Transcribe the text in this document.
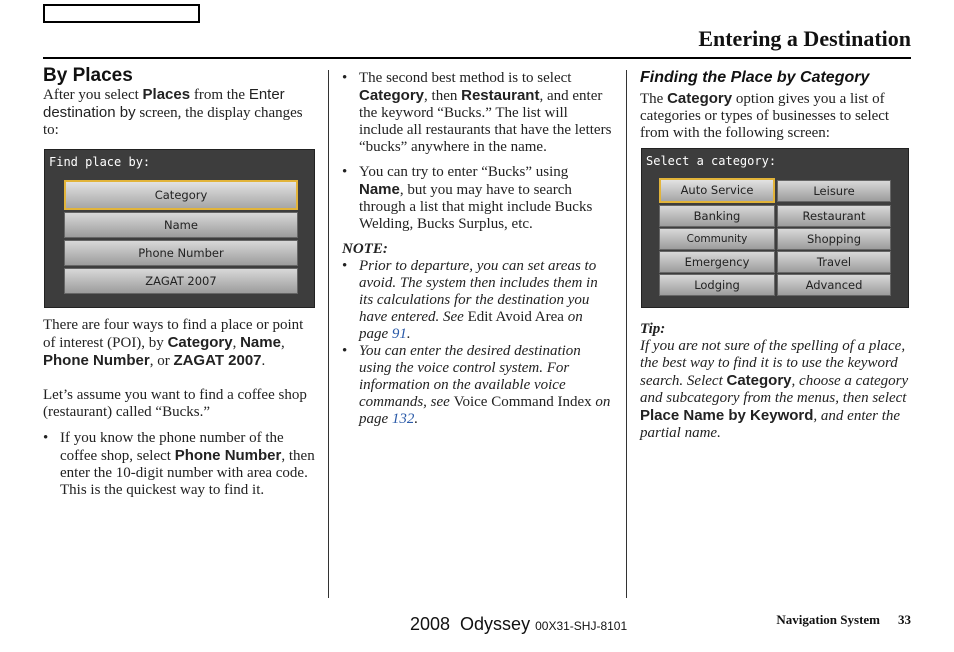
Entering a Destination
By Places

After you select Places from the Enter destination by screen, the display changes to:

Find place by:
Category
Name
Phone Number
ZAGAT 2007

There are four ways to find a place or point of interest (POI), by Category, Name, Phone Number, or ZAGAT 2007.

Let’s assume you want to find a coffee shop (restaurant) called “Bucks.”

• If you know the phone number of the coffee shop, select Phone Number, then enter the 10-digit number with area code. This is the quickest way to find it.
• The second best method is to select Category, then Restaurant, and enter the keyword “Bucks.” The list will include all restaurants that have the letters “bucks” anywhere in the name.
• You can try to enter “Bucks” using Name, but you may have to search through a list that might include Bucks Welding, Bucks Surplus, etc.

NOTE:

• Prior to departure, you can set areas to avoid. The system then includes them in its calculations for the destination you have entered. See Edit Avoid Area on page 91.
• You can enter the desired destination using the voice control system. For information on the available voice commands, see Voice Command Index on page 132.
Finding the Place by Category

The Category option gives you a list of categories or types of businesses to select from with the following screen:

Select a category:
Auto Service
Banking
Community
Emergency
Lodging
Leisure
Restaurant
Shopping
Travel
Advanced

Tip:

If you are not sure of the spelling of a place, the best way to find it is to use the keyword search. Select Category, choose a category and subcategory from the menus, then select Place Name by Keyword, and enter the partial name.

2008  Odyssey 00X31-SHJ-8101	Navigation System 33
